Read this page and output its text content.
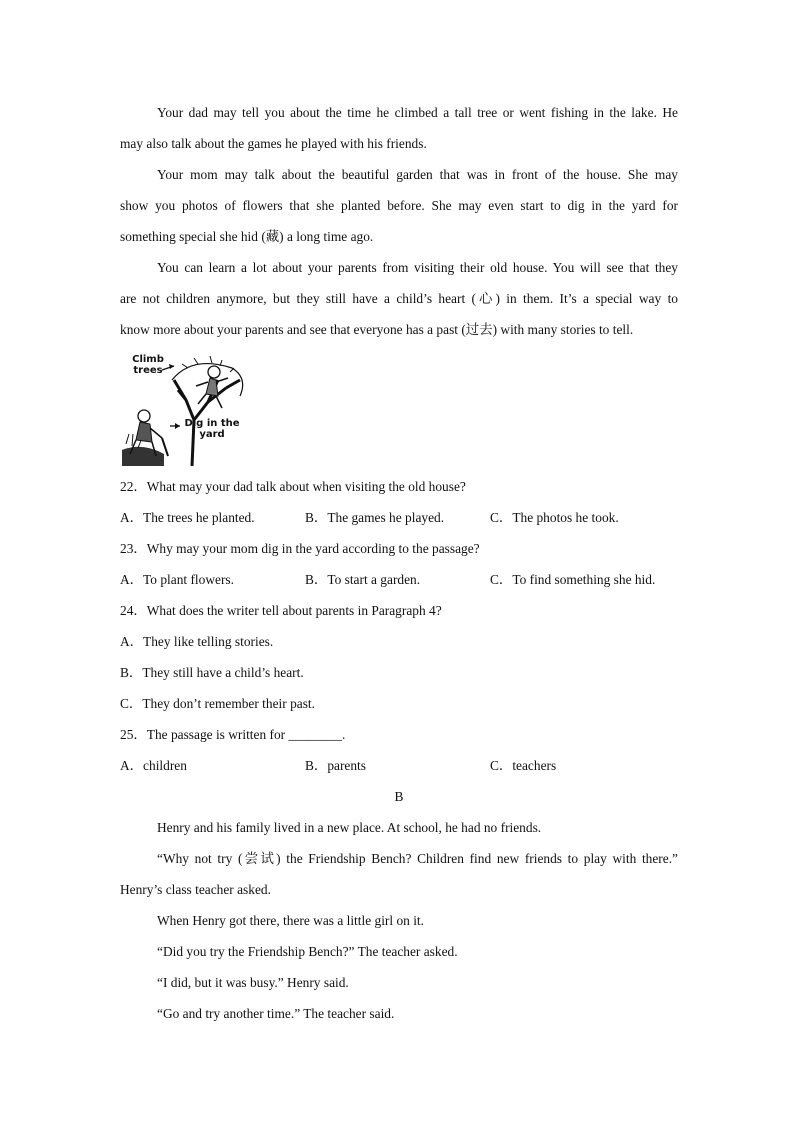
Your dad may tell you about the time he climbed a tall tree or went fishing in the lake. He

may also talk about the games he played with his friends.

Your mom may talk about the beautiful garden that was in front of the house. She may

show you photos of flowers that she planted before. She may even start to dig in the yard for

something special she hid (藏) a long time ago.

You can learn a lot about your parents from visiting their old house. You will see that they

are not children anymore, but they still have a child’s heart (心) in them. It’s a special way to

know more about your parents and see that everyone has a past (过去) with many stories to tell.

Climb
trees
Dig in the
yard

22．What may your dad talk about when visiting the old house?

A．The trees he planted.	B．The games he played.	C．The photos he took.

23．Why may your mom dig in the yard according to the passage?

A．To plant flowers.	B．To start a garden.	C．To find something she hid.

24．What does the writer tell about parents in Paragraph 4?

A．They like telling stories.

B．They still have a child’s heart.

C．They don’t remember their past.

25．The passage is written for ________.

A．children	B．parents	C．teachers

B

Henry and his family lived in a new place. At school, he had no friends.

“Why not try (尝试) the Friendship Bench? Children find new friends to play with there.”

Henry’s class teacher asked.

When Henry got there, there was a little girl on it.

“Did you try the Friendship Bench?” The teacher asked.

“I did, but it was busy.” Henry said.

“Go and try another time.” The teacher said.
